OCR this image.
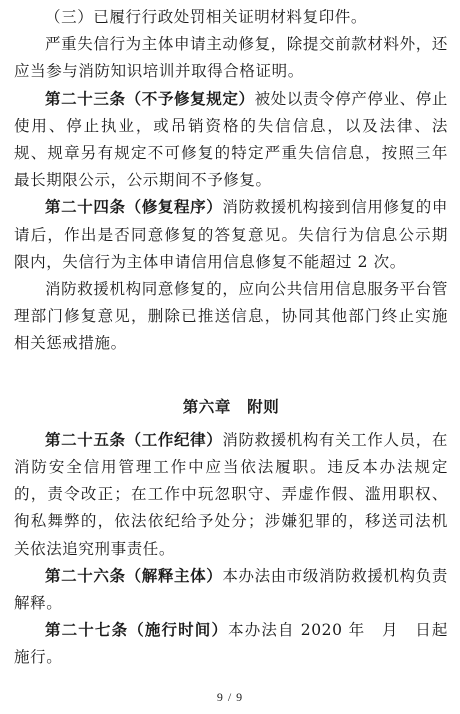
（三）已履行行政处罚相关证明材料复印件。

严重失信行为主体申请主动修复，除提交前款材料外，还应当参与消防知识培训并取得合格证明。

第二十三条（不予修复规定）被处以责令停产停业、停止使用、停止执业，或吊销资格的失信信息，以及法律、法规、规章另有规定不可修复的特定严重失信信息，按照三年最长期限公示，公示期间不予修复。

第二十四条（修复程序）消防救援机构接到信用修复的申请后，作出是否同意修复的答复意见。失信行为信息公示期限内，失信行为主体申请信用信息修复不能超过 2 次。

消防救援机构同意修复的，应向公共信用信息服务平台管理部门修复意见，删除已推送信息，协同其他部门终止实施相关惩戒措施。

第六章　附则

第二十五条（工作纪律）消防救援机构有关工作人员，在消防安全信用管理工作中应当依法履职。违反本办法规定的，责令改正；在工作中玩忽职守、弄虚作假、滥用职权、徇私舞弊的，依法依纪给予处分；涉嫌犯罪的，移送司法机关依法追究刑事责任。

第二十六条（解释主体）本办法由市级消防救援机构负责解释。

第二十七条（施行时间）本办法自 2020 年　月　日起施行。

9 / 9
